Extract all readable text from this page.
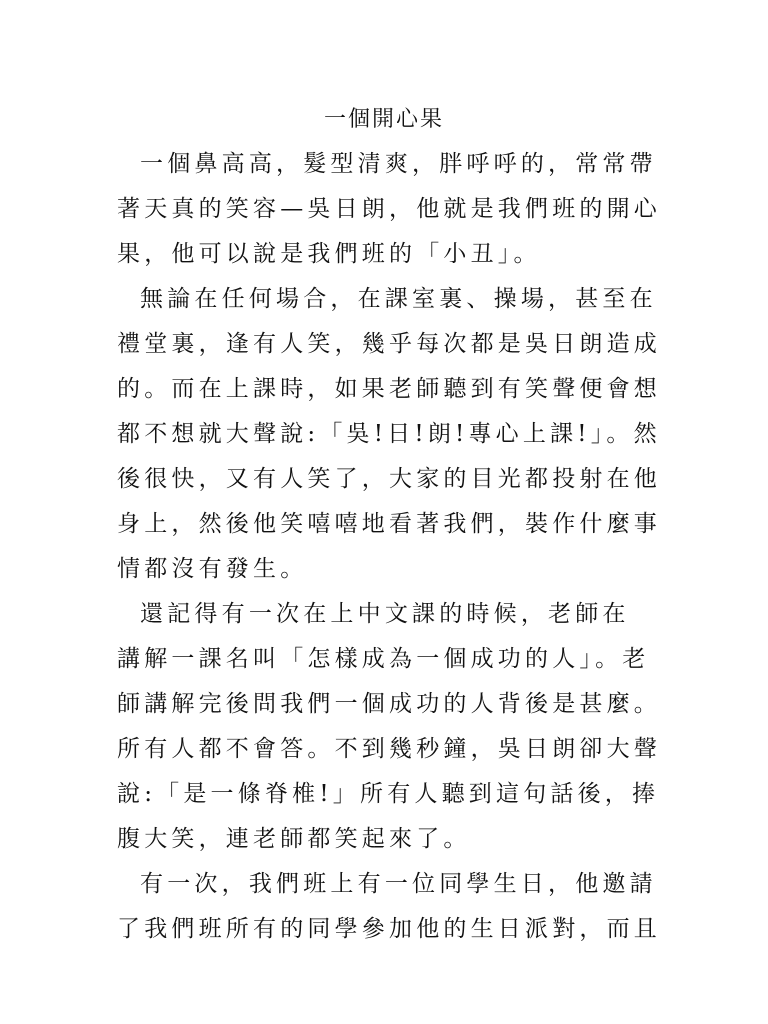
一個開心果
一個鼻高高，髮型清爽，胖呼呼的，常常帶
著天真的笑容—吳日朗，他就是我們班的開心
果，他可以說是我們班的「小丑」。
無論在任何場合，在課室裏、操場，甚至在
禮堂裏，逢有人笑，幾乎每次都是吳日朗造成
的。而在上課時，如果老師聽到有笑聲便會想
都不想就大聲說:「吳!日!朗!專心上課!」。然
後很快，又有人笑了，大家的目光都投射在他
身上，然後他笑嘻嘻地看著我們，裝作什麼事
情都沒有發生。
還記得有一次在上中文課的時候，老師在
講解一課名叫「怎樣成為一個成功的人」。老
師講解完後問我們一個成功的人背後是甚麼。
所有人都不會答。不到幾秒鐘，吳日朗卻大聲
說:「是一條脊椎!」所有人聽到這句話後，捧
腹大笑，連老師都笑起來了。
有一次，我們班上有一位同學生日，他邀請
了我們班所有的同學參加他的生日派對，而且
